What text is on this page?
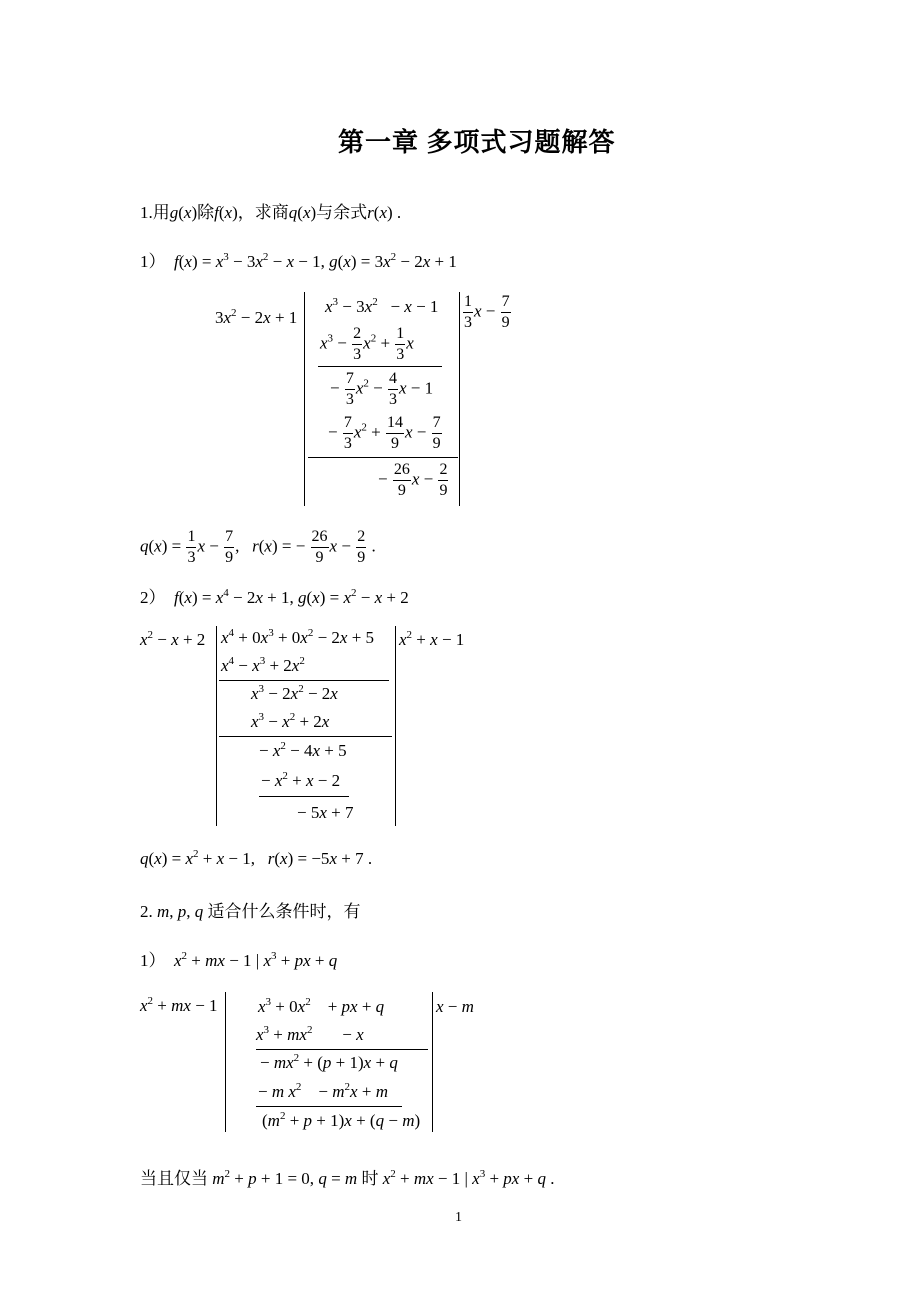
第一章 多项式习题解答
1.用g(x)除f(x)，求商q(x)与余式r(x) .
1）  $f(x) = x^3 - 3x^2 - x - 1$, $g(x) = 3x^2 - 2x + 1$
$3x^2 - 2x + 1$
$x^3 - 3x^2 - x - 1$
$x^3 - \frac{2}{3} x^2 + \frac{1}{3}$ x
− $\frac{7}{3} x^2 - \frac{4}{3}$ x − 1
− $\frac{7}{3} x^2 + \frac{14}{9}$ $x - \frac{7}{9}$
− $\frac{26}{9}$ $x - \frac{2}{9}$
$\frac{1}{3}$ $x - \frac{7}{9}$
$q(x) = \frac{1}{3}$ $x - \frac{7}{9}$ ,   r(x) = − $\frac{26}{9}$ $x - \frac{2}{9}$ .
2）  $f(x) = x^4 - 2x + 1$, $g(x) = x^2 - x + 2$
$x^2 - x + 2$ $x^4 + 0x^3 + 0x^2 - 2x + 5$
$x^4 - x^3 + 2x^2$
$x^3 - 2x^2 - 2x$
$x^3 - x^2 + 2x$
− $x^2 - 4x + 5$
− $x^2 + x - 2$
− 5x + 7
$x^2 + x - 1$
$q(x) = x^2 + x - 1$,   r(x) = −5x + 7 .
2. m, p, q 适合什么条件时，有
1）  $x^2$ + mx − 1 | $x^3$ + px + q
$x^2$ + mx − 1 $x^3 + 0x^2$    + px + q
$x^3 + mx^2$       − x
− $mx^2 + (p + 1)x + q$
− m $x^2$    − $m^2x + m$
$(m^2 + p + 1)x + (q - m)$
x − m
当且仅当 $m^2 + p + 1 = 0$, q = m 时 $x^2$ + mx − 1 | $x^3$ + px + q .
1
